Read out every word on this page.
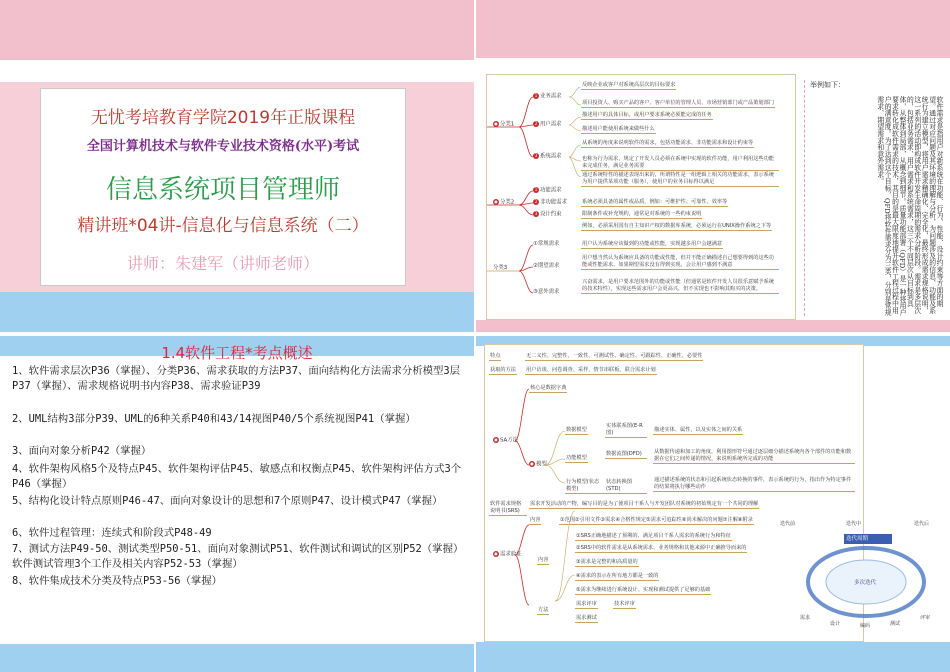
无忧考培教育学院2019年正版课程
全国计算机技术与软件专业技术资格(水平)考试
信息系统项目管理师
精讲班*04讲-信息化与信息系统（二）
讲师：朱建军（讲师老师）
● 分类1
● 分类2
分类3
1 业务需求
2 用户需求
3 系统需求
反映企业或客户对系统高层次的目标要求
项目投资人、购买产品的客户、客户单位的管理人员、市场营销部门或产品策划部门
描述用户的具体目标，或用户要求系统必须能完成的任务
描述用户能使用系统来做些什么
从系统的角度来说明软件的需求，包括功能需求、非功能需求和设计约束等
也称为行为需求，规定了开发人员必须在系统中实现的软件功能，用户利用这些功能来完成任务，满足业务需要
通过系统特性的描述表现出来的，所谓特性是一组逻辑上相关的功能需求，表示系统为用户提供某项功能（服务），使用户的业务目标得以满足
1 功能需求
2 非功能需求
3 设计约束
系统必须具备的属性或品质，例如：可维护性、可靠性、效率等
限制条件或补充规约，通常是对系统的一些约束说明
例如，必须采用国有自主知识产权的数据库系统，必须运行在UNIX操作系统之下等
①常规需求
②期望需求
③意外需求
用户认为系统应该做到的功能或性能，实现越多用户会越满意
用户想当然认为系统应具备的功能或性能，但并不能正确描述自己想要得到的这些功能或性能需求。如果期望需求没有得到实现，会让用户感到不满意
兴奋需求，是用户要求范围外的功能或性能（但通常是软件开发人员很乐意赋予系统的技术特性），实现这些需求用户会更高兴，但不实现也不影响其购买的决策。
举例如下：
软件需求是指用户对新系统在功能、行为、性能、设计约束等方面的期望。通过对应问题及其环境的理解与分析，为问题涉及的信息、功能及系统行为建立模型，将用户需求精确化、完全化，最终形成需求规格说明，这一系列的活动即构成软件开发生命周期的需求分析阶段。需求是多层次的，包括业务需求、用户需求和系统需求，这三个不同层次从目标到具体，从整体到局部，从概念到细节。质量功能部署（QFD）是一种将用户要求转化成软件需求的技术，其目的是最大限度地提升软件工程过程中用户的满意度。为了达到这个目标，QFD将软件需求分为三类，分别是常规需求、期望需求和意外需求。
1.4软件工程*考点概述
1、软件需求层次P36（掌握）、分类P36、需求获取的方法P37、面向结构化方法需求分析模型3层P37（掌握）、需求规格说明书内容P38、需求验证P39
2、UML结构3部分P39、UML的6种关系P40和43/14视图P40/5个系统视图P41（掌握）
3、面向对象分析P42（掌握）
4、软件架构风格5个及特点P45、软件架构评估P45、敏感点和权衡点P45、软件架构评估方式3个P46（掌握）
5、结构化设计特点原则P46-47、面向对象设计的思想和7个原则P47、设计模式P47（掌握）
6、软件过程管理：连续式和阶段式P48-49
7、测试方法P49-50、测试类型P50-51、面向对象测试P51、软件测试和调试的区别P52（掌握）软件测试管理3个工作及相关内容P52-53（掌握）
8、软件集成技术分类及特点P53-56（掌握）
特点	无二义性、完整性、一致性、可测试性、确定性、可跟踪性、正确性、必要性
获取的方法 用户访谈、问卷调查、采样、情节串联板、联合需求计划
● SA方法
核心是数据字典
● 模型
数据模型
实体联系图(E-R图)	描述实体、属性，以及实体之间的关系
功能模型
数据流图(DFD)	从数据传递和加工的角度，利用图形符号通过逐层细分描述系统内各个部件的功能和数据在它们之间传递的情况，来说明系统所完成的功能
行为模型(状态模型)
状态转换图(STD)
通过描述系统的状态和引起系统状态转换的事件，表示系统的行为，指出作为特定事件的结果将执行哪些动作
软件需求规格说明书(SRS)
需求开发活动的产物，编写目的是为了使项目干系人与开发团队对系统的初始规定有一个共同的理解
内容	①范围②引用文件③需求④合格性规定⑤需求可追踪性⑥尚未解决的问题⑦注解⑧附录
● 需求验证
内容
①SRS正确地描述了预期的、满足项目干系人需求的系统行为和特征
②SRS中的软件需求是从系统需求、业务规格和其他来源中正确推导而来的
③需求是完整的和高质量的
④需求的表示在所有地方都是一致的
⑤需求为继续进行系统设计、实现和测试提供了足够的基础
方法
需求评审
需求测试
技术评审
迭代周期
迭代前	迭代中	迭代后
需求
设计	编码	测试
评审
多次迭代
